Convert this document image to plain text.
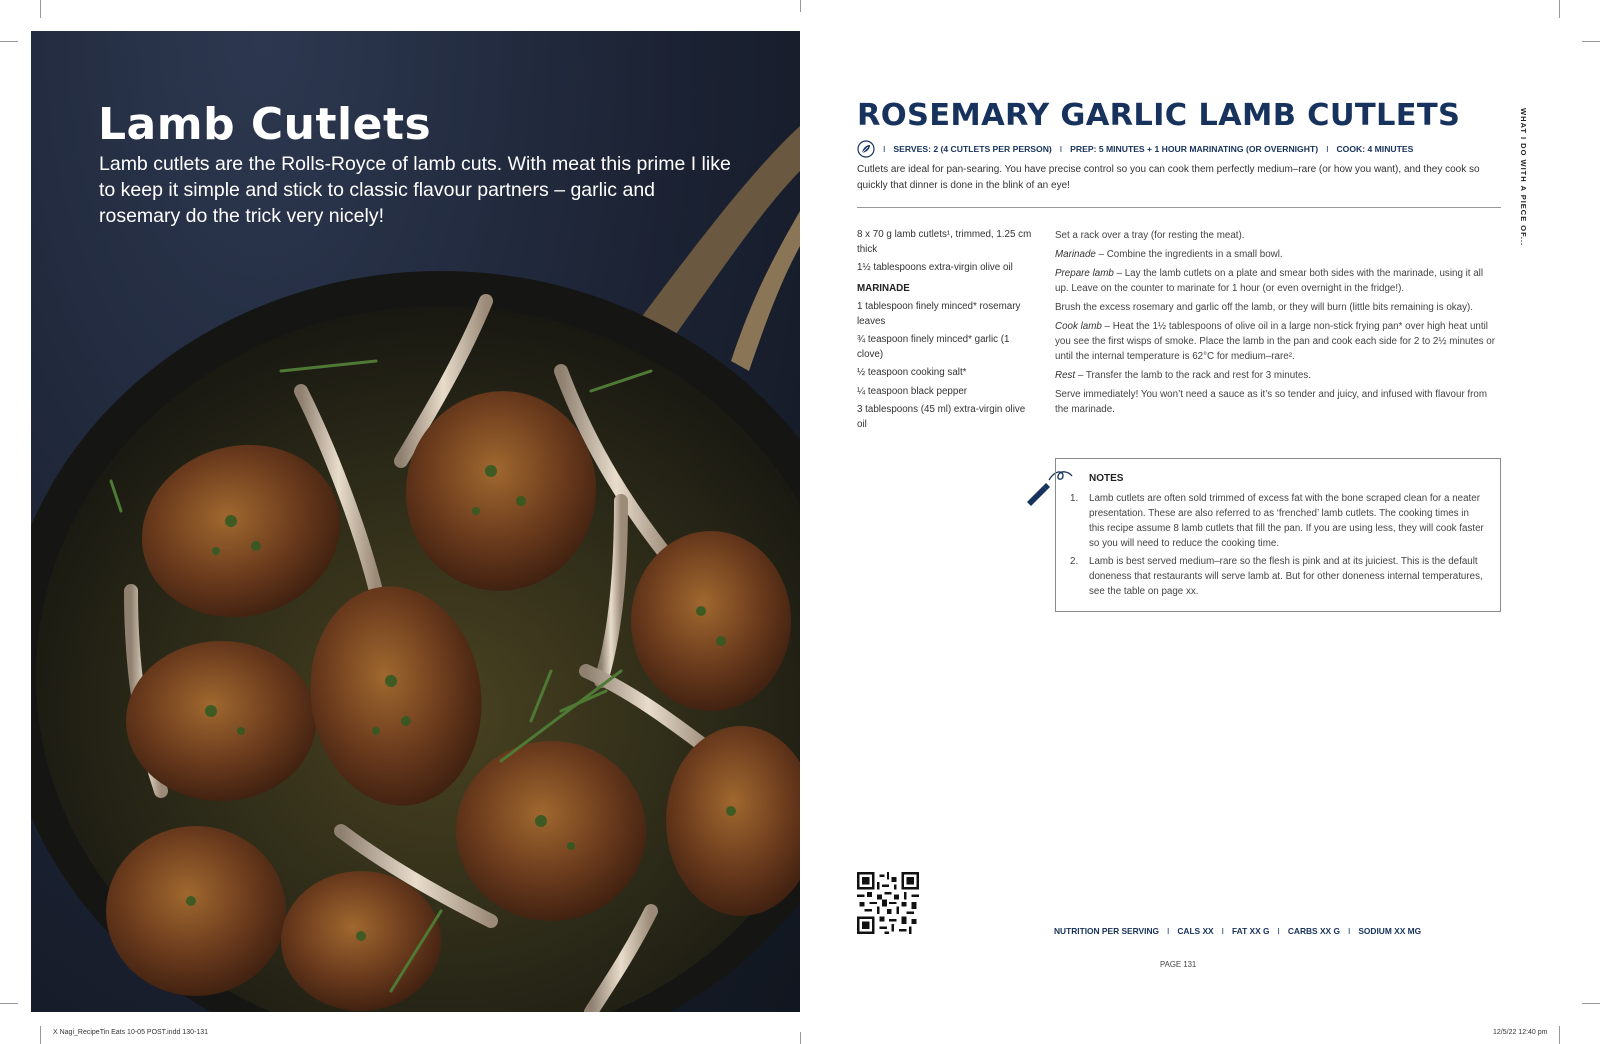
Lamb Cutlets
Lamb cutlets are the Rolls-Royce of lamb cuts. With meat this prime I like to keep it simple and stick to classic flavour partners – garlic and rosemary do the trick very nicely!
ROSEMARY GARLIC LAMB CUTLETS
I SERVES: 2 (4 CUTLETS PER PERSON) I PREP: 5 MINUTES + 1 HOUR MARINATING (OR OVERNIGHT) I COOK: 4 MINUTES
Cutlets are ideal for pan-searing. You have precise control so you can cook them perfectly medium–rare (or how you want), and they cook so quickly that dinner is done in the blink of an eye!
8 x 70 g lamb cutlets¹, trimmed, 1.25 cm thick
1½ tablespoons extra-virgin olive oil
MARINADE
1 tablespoon finely minced* rosemary leaves
¾ teaspoon finely minced* garlic (1 clove)
½ teaspoon cooking salt*
¼ teaspoon black pepper
3 tablespoons (45 ml) extra-virgin olive oil
Set a rack over a tray (for resting the meat).
Marinade – Combine the ingredients in a small bowl.
Prepare lamb – Lay the lamb cutlets on a plate and smear both sides with the marinade, using it all up. Leave on the counter to marinate for 1 hour (or even overnight in the fridge!).
Brush the excess rosemary and garlic off the lamb, or they will burn (little bits remaining is okay).
Cook lamb – Heat the 1½ tablespoons of olive oil in a large non-stick frying pan* over high heat until you see the first wisps of smoke. Place the lamb in the pan and cook each side for 2 to 2½ minutes or until the internal temperature is 62°C for medium–rare².
Rest – Transfer the lamb to the rack and rest for 3 minutes.
Serve immediately! You won’t need a sauce as it’s so tender and juicy, and infused with flavour from the marinade.
NOTES
1.	Lamb cutlets are often sold trimmed of excess fat with the bone scraped clean for a neater presentation. These are also referred to as ‘frenched’ lamb cutlets. The cooking times in this recipe assume 8 lamb cutlets that fill the pan. If you are using less, they will cook faster so you will need to reduce the cooking time.
2.	Lamb is best served medium–rare so the flesh is pink and at its juiciest. This is the default doneness that restaurants will serve lamb at. But for other doneness internal temperatures, see the table on page xx.
WHAT I DO WITH A PIECE OF...
NUTRITION PER SERVING I CALS XX I FAT XX G I CARBS XX G I SODIUM XX MG
PAGE 131
X Nagi_RecipeTin Eats 10-05 POST.indd 130-131	12/5/22 12:40 pm
